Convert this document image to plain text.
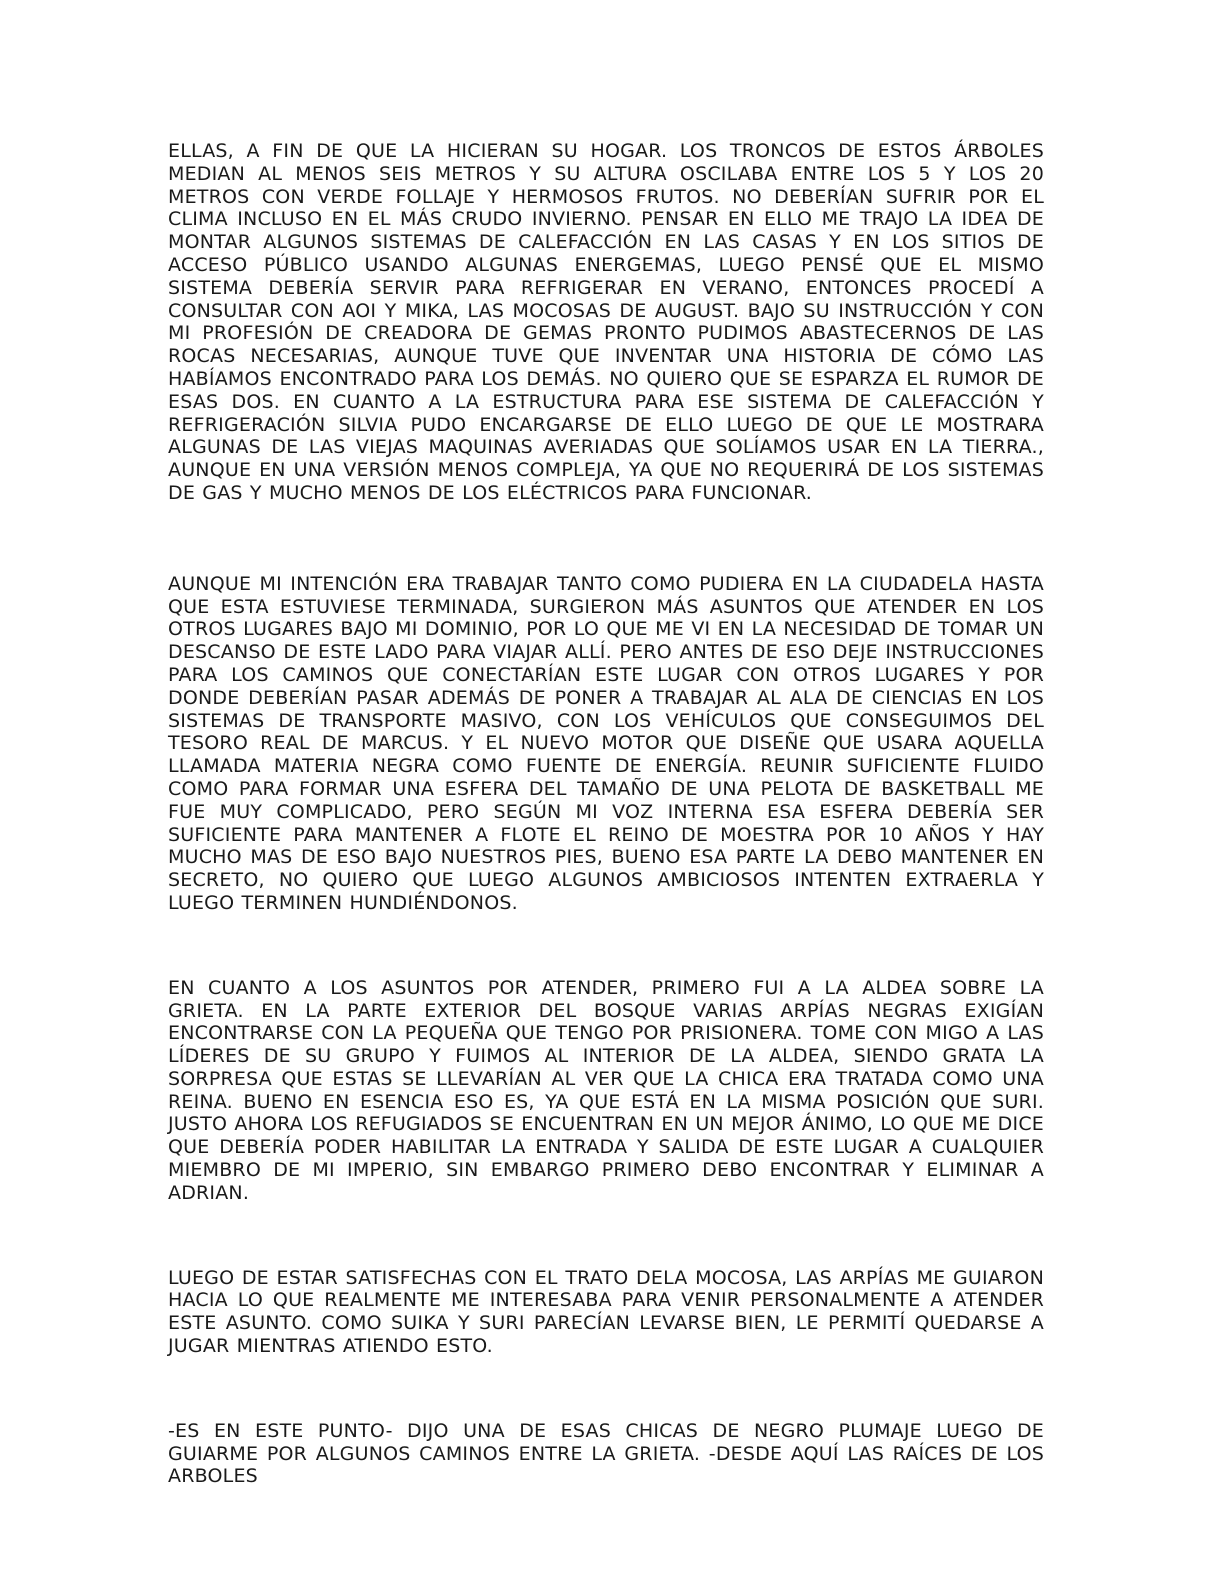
ELLAS, A FIN DE QUE LA HICIERAN SU HOGAR. LOS TRONCOS DE ESTOS ÁRBOLES MEDIAN AL MENOS SEIS METROS Y SU ALTURA OSCILABA ENTRE LOS 5 Y LOS 20 METROS CON VERDE FOLLAJE Y HERMOSOS FRUTOS. NO DEBERÍAN SUFRIR POR EL CLIMA INCLUSO EN EL MÁS CRUDO INVIERNO. PENSAR EN ELLO ME TRAJO LA IDEA DE MONTAR ALGUNOS SISTEMAS DE CALEFACCIÓN EN LAS CASAS Y EN LOS SITIOS DE ACCESO PÚBLICO USANDO ALGUNAS ENERGEMAS, LUEGO PENSÉ QUE EL MISMO SISTEMA DEBERÍA SERVIR PARA REFRIGERAR EN VERANO, ENTONCES PROCEDÍ A CONSULTAR CON AOI Y MIKA, LAS MOCOSAS DE AUGUST. BAJO SU INSTRUCCIÓN Y CON MI PROFESIÓN DE CREADORA DE GEMAS PRONTO PUDIMOS ABASTECERNOS DE LAS ROCAS NECESARIAS, AUNQUE TUVE QUE INVENTAR UNA HISTORIA DE CÓMO LAS HABÍAMOS ENCONTRADO PARA LOS DEMÁS. NO QUIERO QUE SE ESPARZA EL RUMOR DE ESAS DOS. EN CUANTO A LA ESTRUCTURA PARA ESE SISTEMA DE CALEFACCIÓN Y REFRIGERACIÓN SILVIA PUDO ENCARGARSE DE ELLO LUEGO DE QUE LE MOSTRARA ALGUNAS DE LAS VIEJAS MAQUINAS AVERIADAS QUE SOLÍAMOS USAR EN LA TIERRA., AUNQUE EN UNA VERSIÓN MENOS COMPLEJA, YA QUE NO REQUERIRÁ DE LOS SISTEMAS DE GAS Y MUCHO MENOS DE LOS ELÉCTRICOS PARA FUNCIONAR.

AUNQUE MI INTENCIÓN ERA TRABAJAR TANTO COMO PUDIERA EN LA CIUDADELA HASTA QUE ESTA ESTUVIESE TERMINADA, SURGIERON MÁS ASUNTOS QUE ATENDER EN LOS OTROS LUGARES BAJO MI DOMINIO, POR LO QUE ME VI EN LA NECESIDAD DE TOMAR UN DESCANSO DE ESTE LADO PARA VIAJAR ALLÍ. PERO ANTES DE ESO DEJE INSTRUCCIONES PARA LOS CAMINOS QUE CONECTARÍAN ESTE LUGAR CON OTROS LUGARES Y POR DONDE DEBERÍAN PASAR ADEMÁS DE PONER A TRABAJAR AL ALA DE CIENCIAS EN LOS SISTEMAS DE TRANSPORTE MASIVO, CON LOS VEHÍCULOS QUE CONSEGUIMOS DEL TESORO REAL DE MARCUS. Y EL NUEVO MOTOR QUE DISEÑE QUE USARA AQUELLA LLAMADA MATERIA NEGRA COMO FUENTE DE ENERGÍA. REUNIR SUFICIENTE FLUIDO COMO PARA FORMAR UNA ESFERA DEL TAMAÑO DE UNA PELOTA DE BASKETBALL ME FUE MUY COMPLICADO, PERO SEGÚN MI VOZ INTERNA ESA ESFERA DEBERÍA SER SUFICIENTE PARA MANTENER A FLOTE EL REINO DE MOESTRA POR 10 AÑOS Y HAY MUCHO MAS DE ESO BAJO NUESTROS PIES, BUENO ESA PARTE LA DEBO MANTENER EN SECRETO, NO QUIERO QUE LUEGO ALGUNOS AMBICIOSOS INTENTEN EXTRAERLA Y LUEGO TERMINEN HUNDIÉNDONOS.

EN CUANTO A LOS ASUNTOS POR ATENDER, PRIMERO FUI A LA ALDEA SOBRE LA GRIETA. EN LA PARTE EXTERIOR DEL BOSQUE VARIAS ARPÍAS NEGRAS EXIGÍAN ENCONTRARSE CON LA PEQUEÑA QUE TENGO POR PRISIONERA. TOME CON MIGO A LAS LÍDERES DE SU GRUPO Y FUIMOS AL INTERIOR DE LA ALDEA, SIENDO GRATA LA SORPRESA QUE ESTAS SE LLEVARÍAN AL VER QUE LA CHICA ERA TRATADA COMO UNA REINA. BUENO EN ESENCIA ESO ES, YA QUE ESTÁ EN LA MISMA POSICIÓN QUE SURI. JUSTO AHORA LOS REFUGIADOS SE ENCUENTRAN EN UN MEJOR ÁNIMO, LO QUE ME DICE QUE DEBERÍA PODER HABILITAR LA ENTRADA Y SALIDA DE ESTE LUGAR A CUALQUIER MIEMBRO DE MI IMPERIO, SIN EMBARGO PRIMERO DEBO ENCONTRAR Y ELIMINAR A ADRIAN.

LUEGO DE ESTAR SATISFECHAS CON EL TRATO DELA MOCOSA, LAS ARPÍAS ME GUIARON HACIA LO QUE REALMENTE ME INTERESABA PARA VENIR PERSONALMENTE A ATENDER ESTE ASUNTO. COMO SUIKA Y SURI PARECÍAN LEVARSE BIEN, LE PERMITÍ QUEDARSE A JUGAR MIENTRAS ATIENDO ESTO.

-ES EN ESTE PUNTO- DIJO UNA DE ESAS CHICAS DE NEGRO PLUMAJE LUEGO DE GUIARME POR ALGUNOS CAMINOS ENTRE LA GRIETA. -DESDE AQUÍ LAS RAÍCES DE LOS ARBOLES
